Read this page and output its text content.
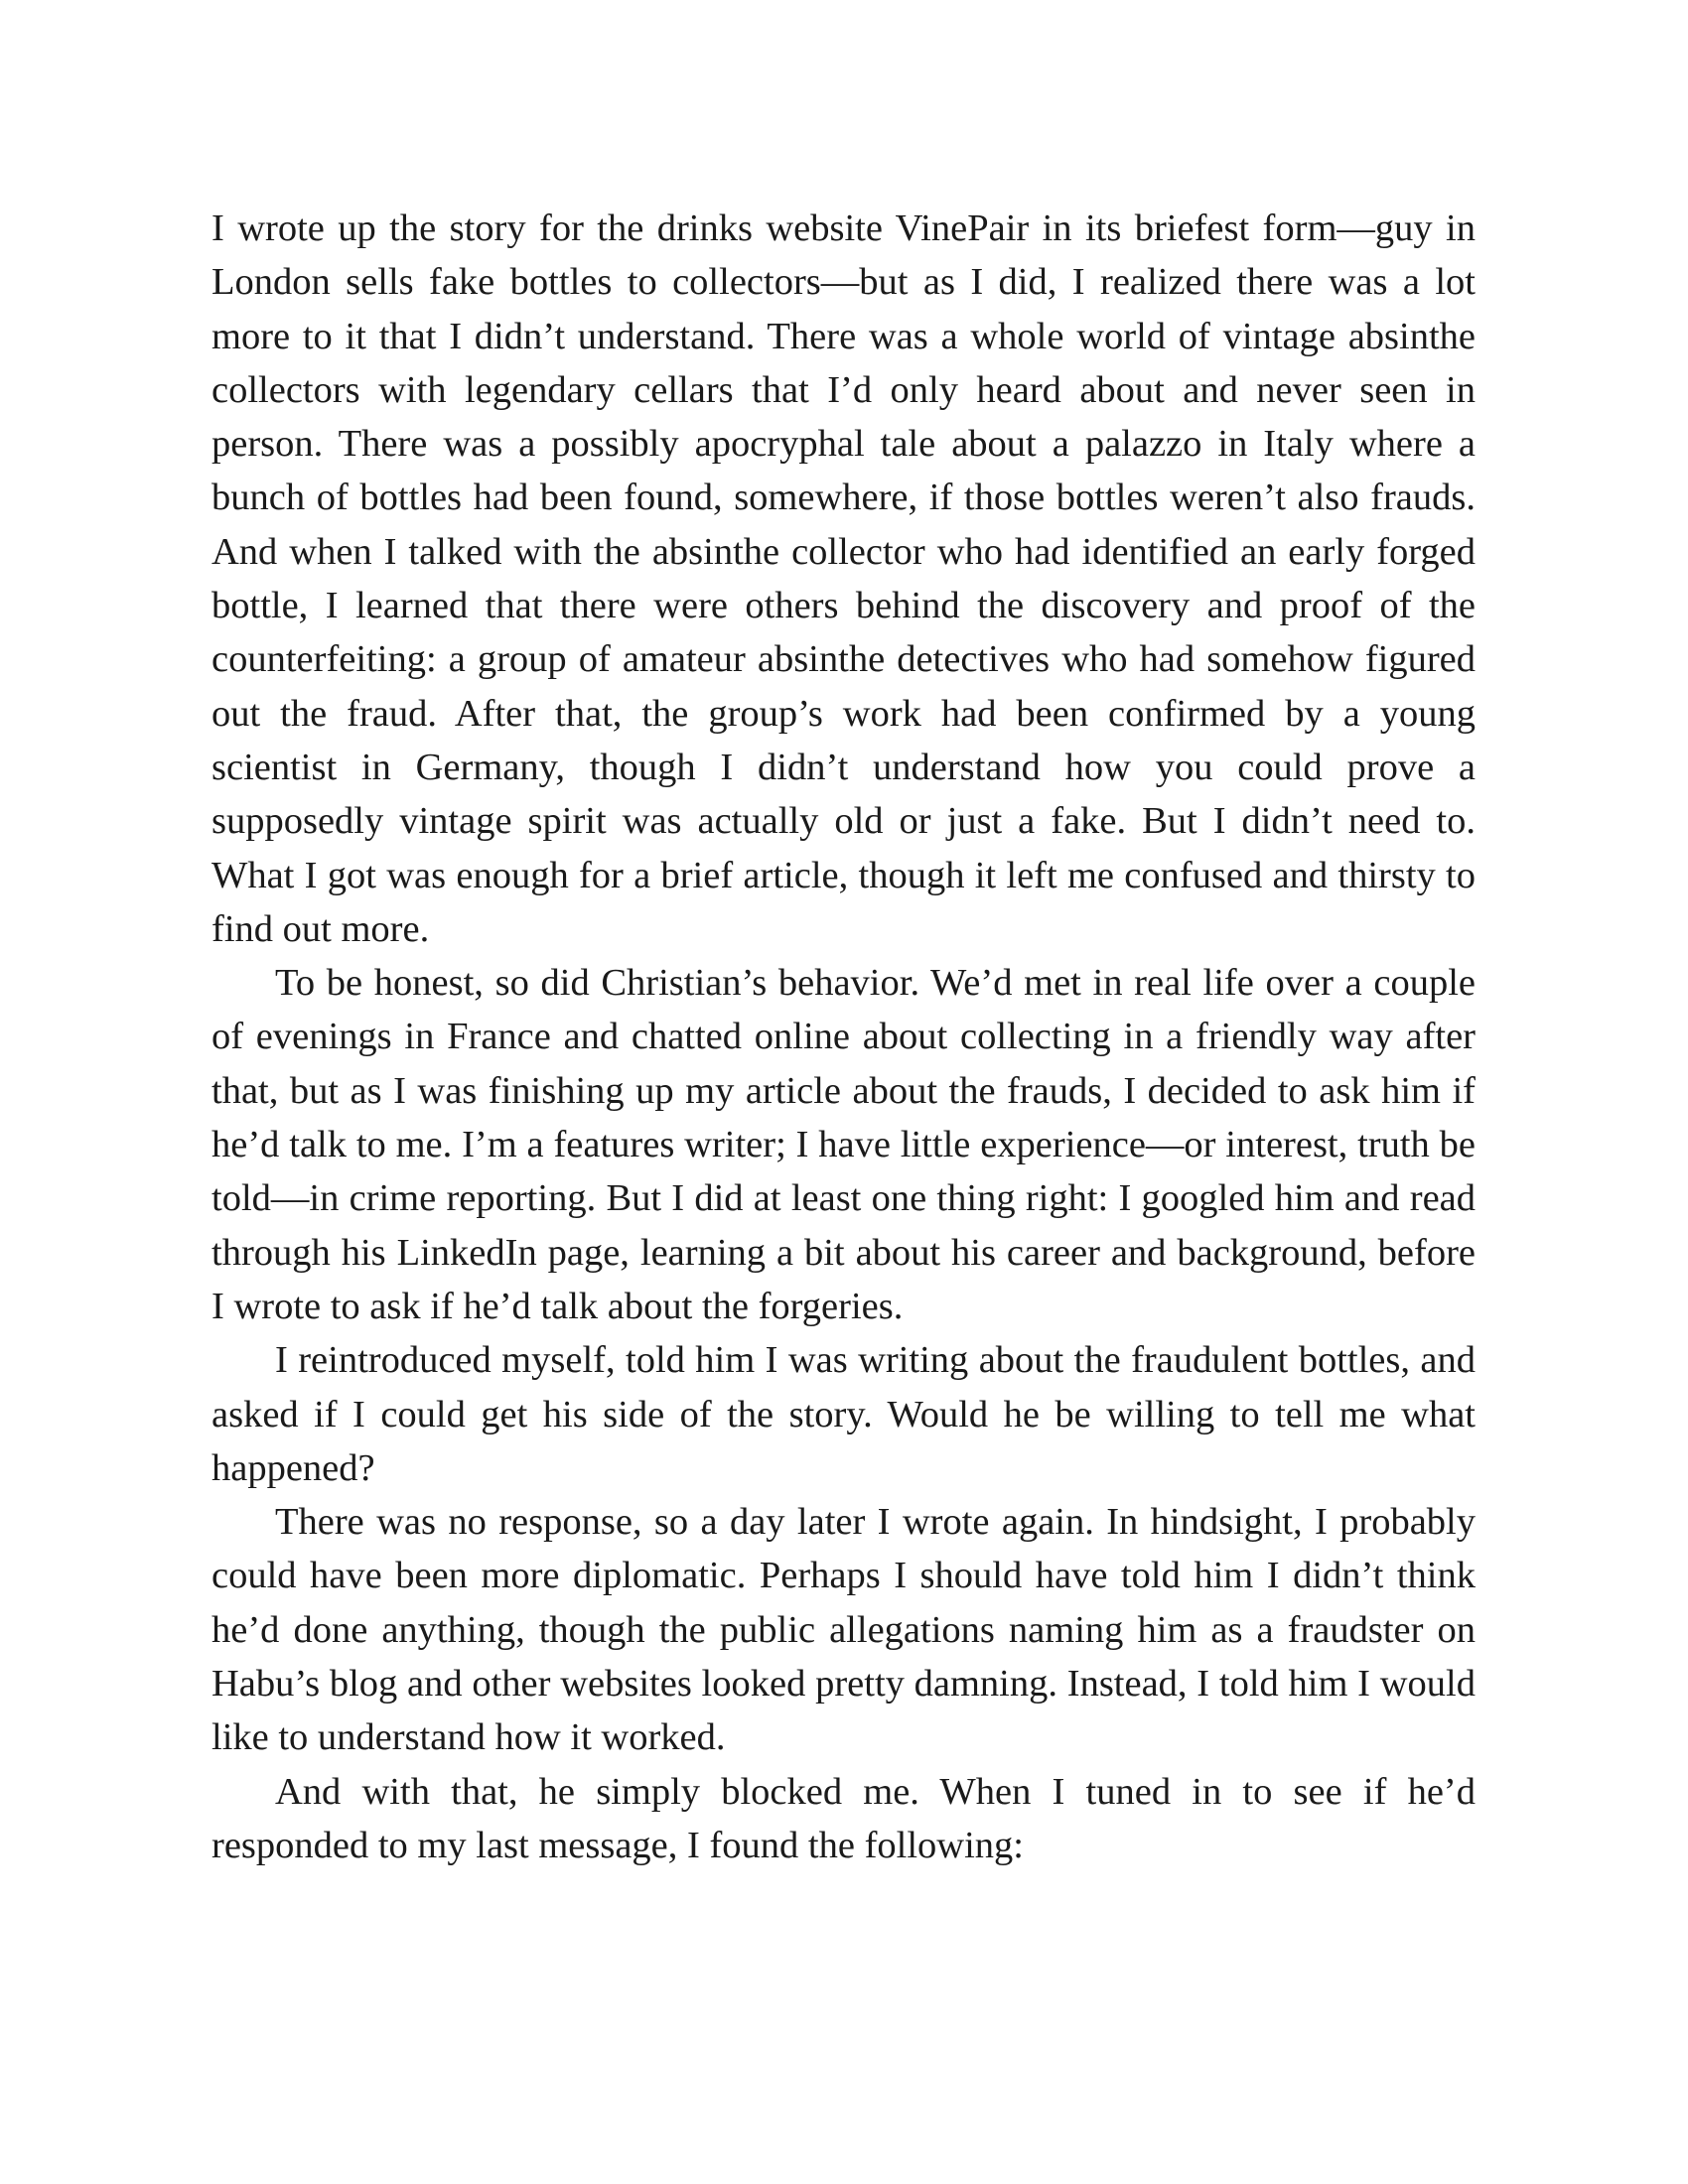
I wrote up the story for the drinks website VinePair in its briefest form—guy in London sells fake bottles to collectors—but as I did, I realized there was a lot more to it that I didn’t understand. There was a whole world of vintage absinthe collectors with legendary cellars that I’d only heard about and never seen in person. There was a possibly apocryphal tale about a palazzo in Italy where a bunch of bottles had been found, somewhere, if those bottles weren’t also frauds. And when I talked with the absinthe collector who had identified an early forged bottle, I learned that there were others behind the discovery and proof of the counterfeiting: a group of amateur absinthe detectives who had somehow figured out the fraud. After that, the group’s work had been confirmed by a young scientist in Germany, though I didn’t understand how you could prove a supposedly vintage spirit was actually old or just a fake. But I didn’t need to. What I got was enough for a brief article, though it left me confused and thirsty to find out more.

To be honest, so did Christian’s behavior. We’d met in real life over a couple of evenings in France and chatted online about collecting in a friendly way after that, but as I was finishing up my article about the frauds, I decided to ask him if he’d talk to me. I’m a features writer; I have little experience—or interest, truth be told—in crime reporting. But I did at least one thing right: I googled him and read through his LinkedIn page, learning a bit about his career and background, before I wrote to ask if he’d talk about the forgeries.

I reintroduced myself, told him I was writing about the fraudulent bottles, and asked if I could get his side of the story. Would he be willing to tell me what happened?

There was no response, so a day later I wrote again. In hindsight, I probably could have been more diplomatic. Perhaps I should have told him I didn’t think he’d done anything, though the public allegations naming him as a fraudster on Habu’s blog and other websites looked pretty damning. Instead, I told him I would like to understand how it worked.

And with that, he simply blocked me. When I tuned in to see if he’d responded to my last message, I found the following:
